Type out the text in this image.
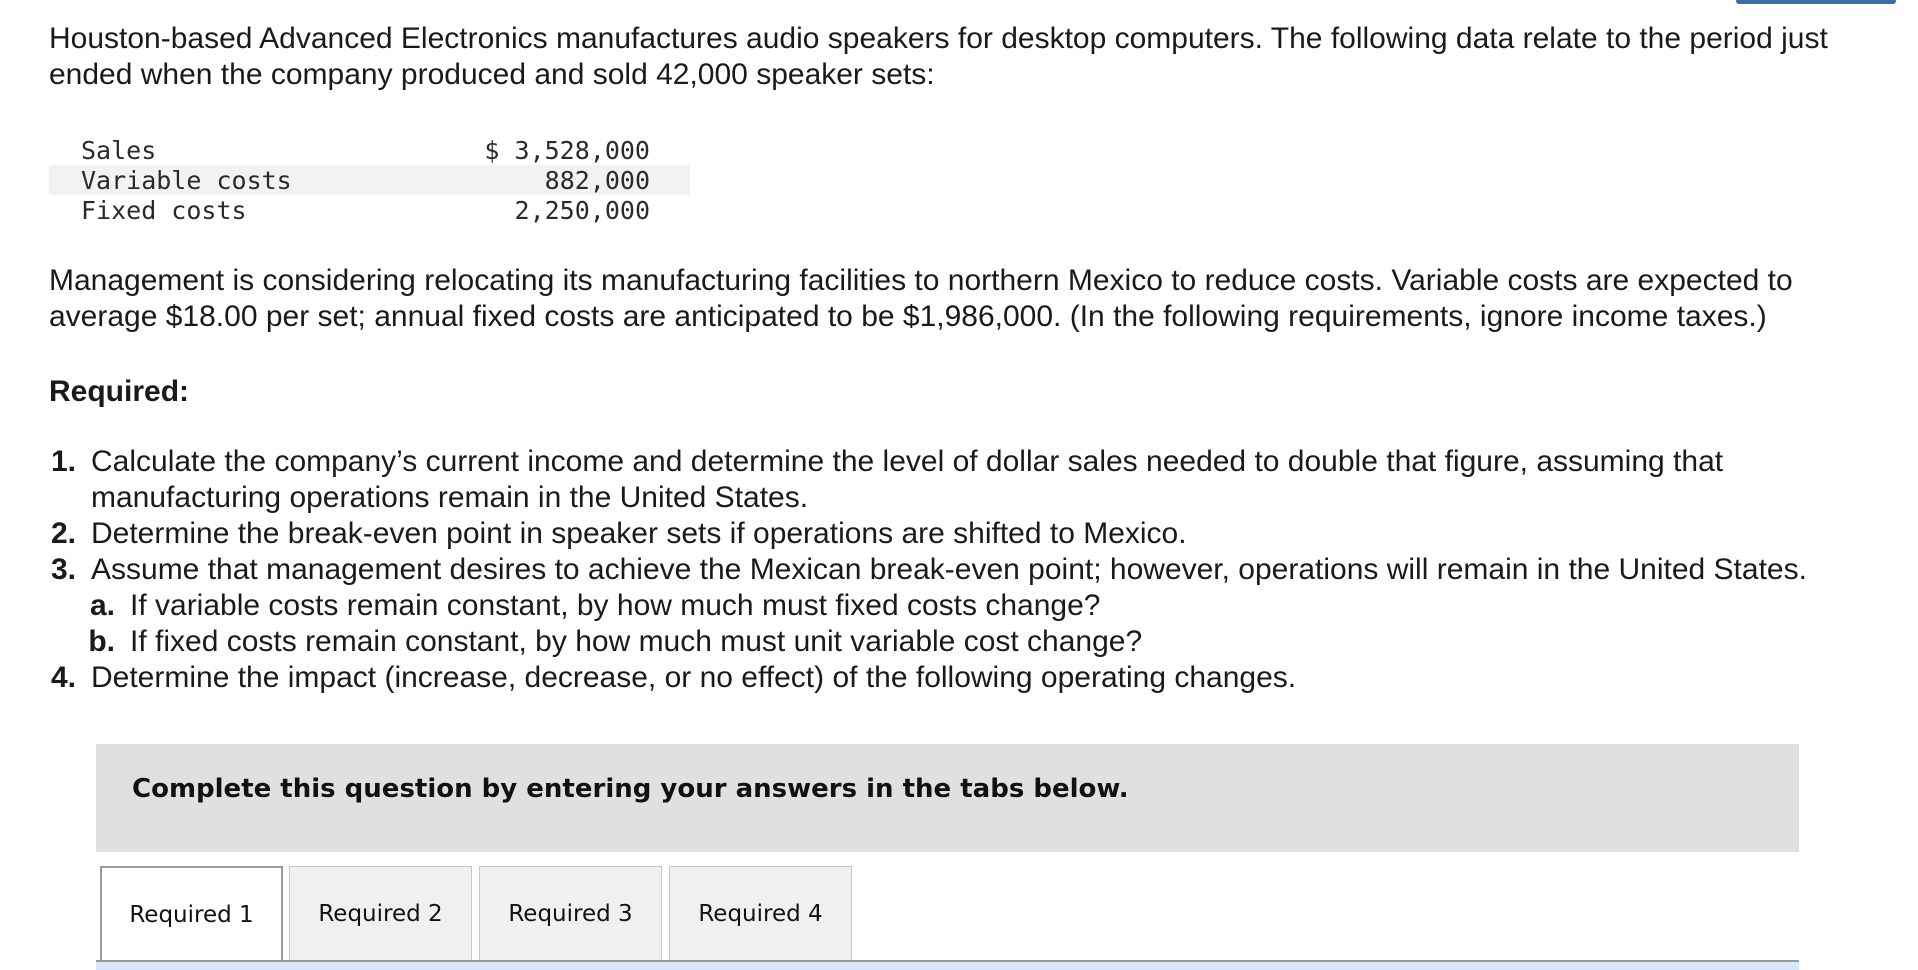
Houston-based Advanced Electronics manufactures audio speakers for desktop computers. The following data relate to the period just ended when the company produced and sold 42,000 speaker sets:

Sales	$ 3,528,000
Variable costs	882,000
Fixed costs	2,250,000

Management is considering relocating its manufacturing facilities to northern Mexico to reduce costs. Variable costs are expected to average $18.00 per set; annual fixed costs are anticipated to be $1,986,000. (In the following requirements, ignore income taxes.)

Required:

1. Calculate the company’s current income and determine the level of dollar sales needed to double that figure, assuming that manufacturing operations remain in the United States.
2. Determine the break-even point in speaker sets if operations are shifted to Mexico.
3. Assume that management desires to achieve the Mexican break-even point; however, operations will remain in the United States.
a. If variable costs remain constant, by how much must fixed costs change?
b. If fixed costs remain constant, by how much must unit variable cost change?
4. Determine the impact (increase, decrease, or no effect) of the following operating changes.
Complete this question by entering your answers in the tabs below.
Required 1	Required 2	Required 3	Required 4
